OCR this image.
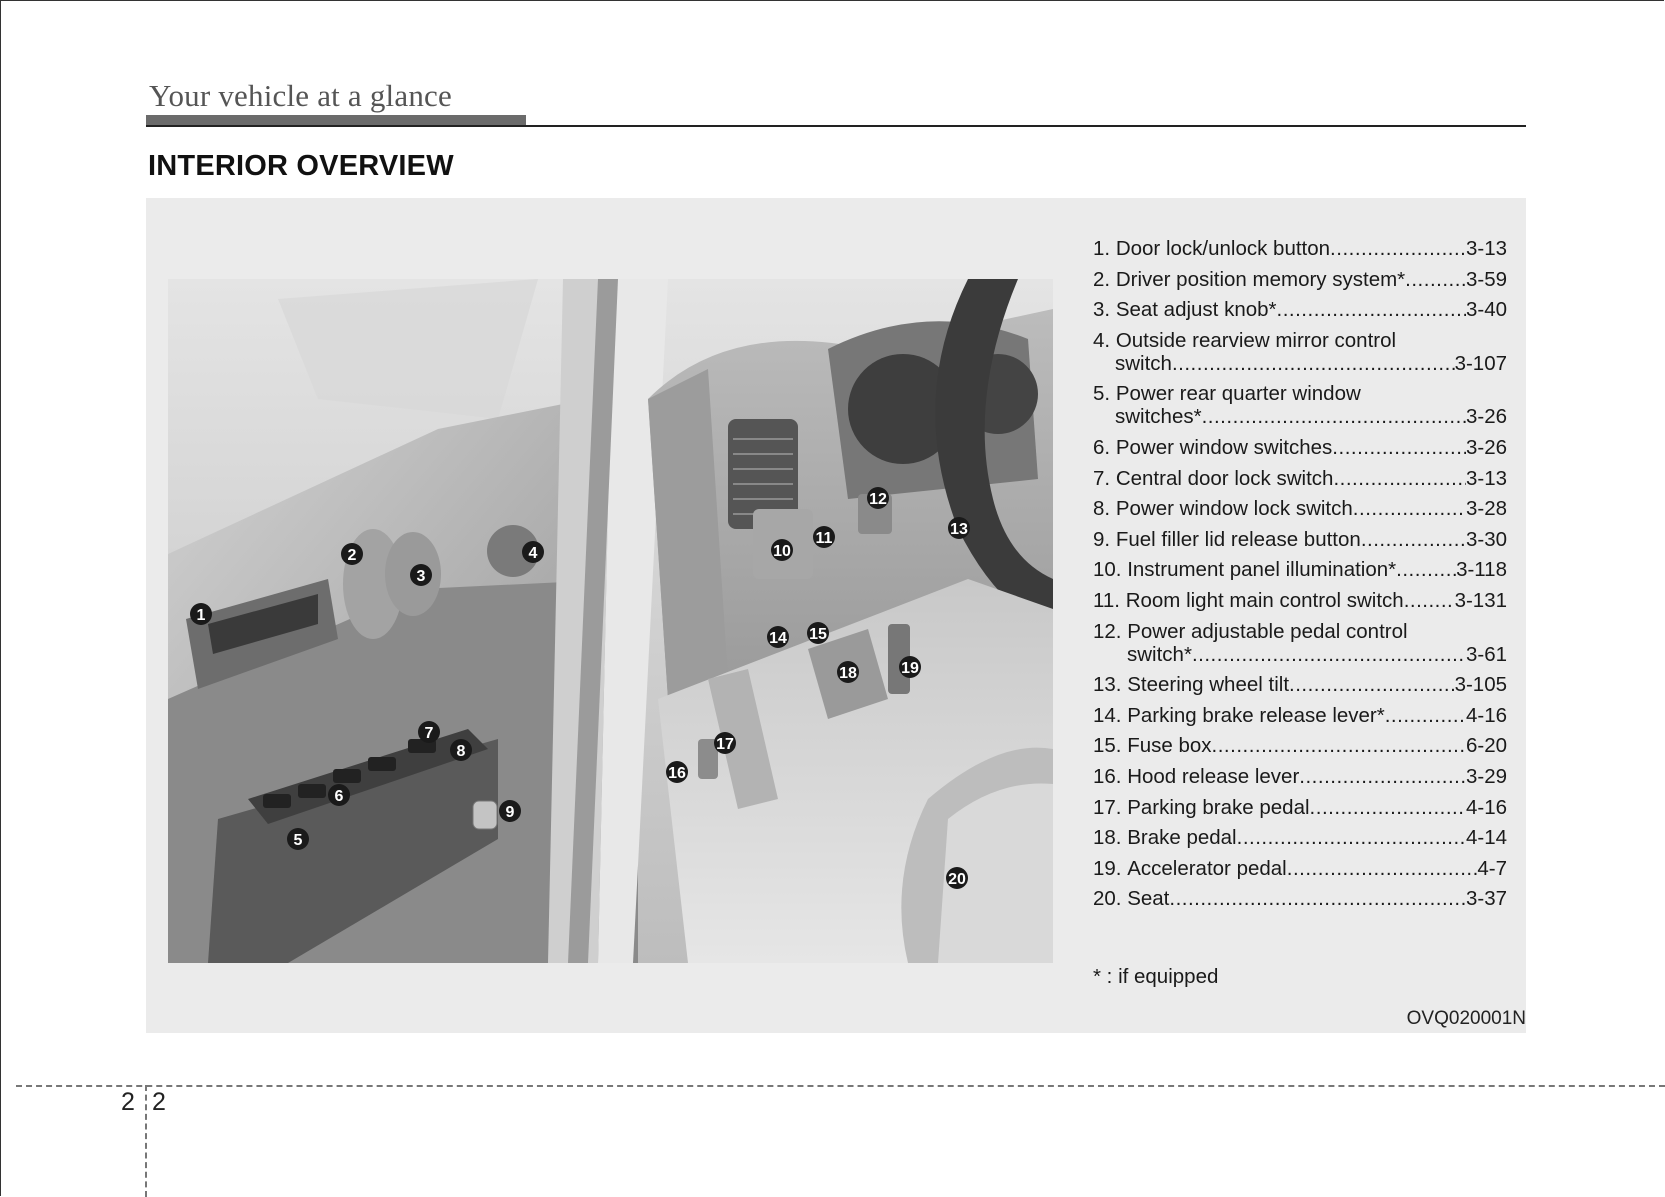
Your vehicle at a glance
INTERIOR OVERVIEW
1
2
3
4
5
6
7
8
9
10
11
12
13
14 15
16
17
18	19
20
1.
Door lock/unlock button .....	3-13
2.
Driver position memory system* .....	3-59
3.
Seat adjust knob* .....	3-40
4.
Outside rearview mirror control
switch .....	3-107
5.
Power rear quarter window
switches* .....	3-26
6.
Power window switches .....	3-26
7.
Central door lock switch .....	3-13
8.
Power window lock switch .....	3-28
9.
Fuel filler lid release button .....	3-30
10.
Instrument panel illumination* .....	3-118
11.
Room light main control switch ..... 3-131
12.
Power adjustable pedal control
switch* .....	3-61
13.
Steering wheel tilt .....	3-105
14.
Parking brake release lever* .....	4-16
15.
Fuse box .....	6-20
16.
Hood release lever .....	3-29
17.
Parking brake pedal .....	4-16
18.
Brake pedal .....	4-14
19.
Accelerator pedal .....	4-7
20.
Seat .....	3-37
* : if equipped
OVQ020001N
2 2
